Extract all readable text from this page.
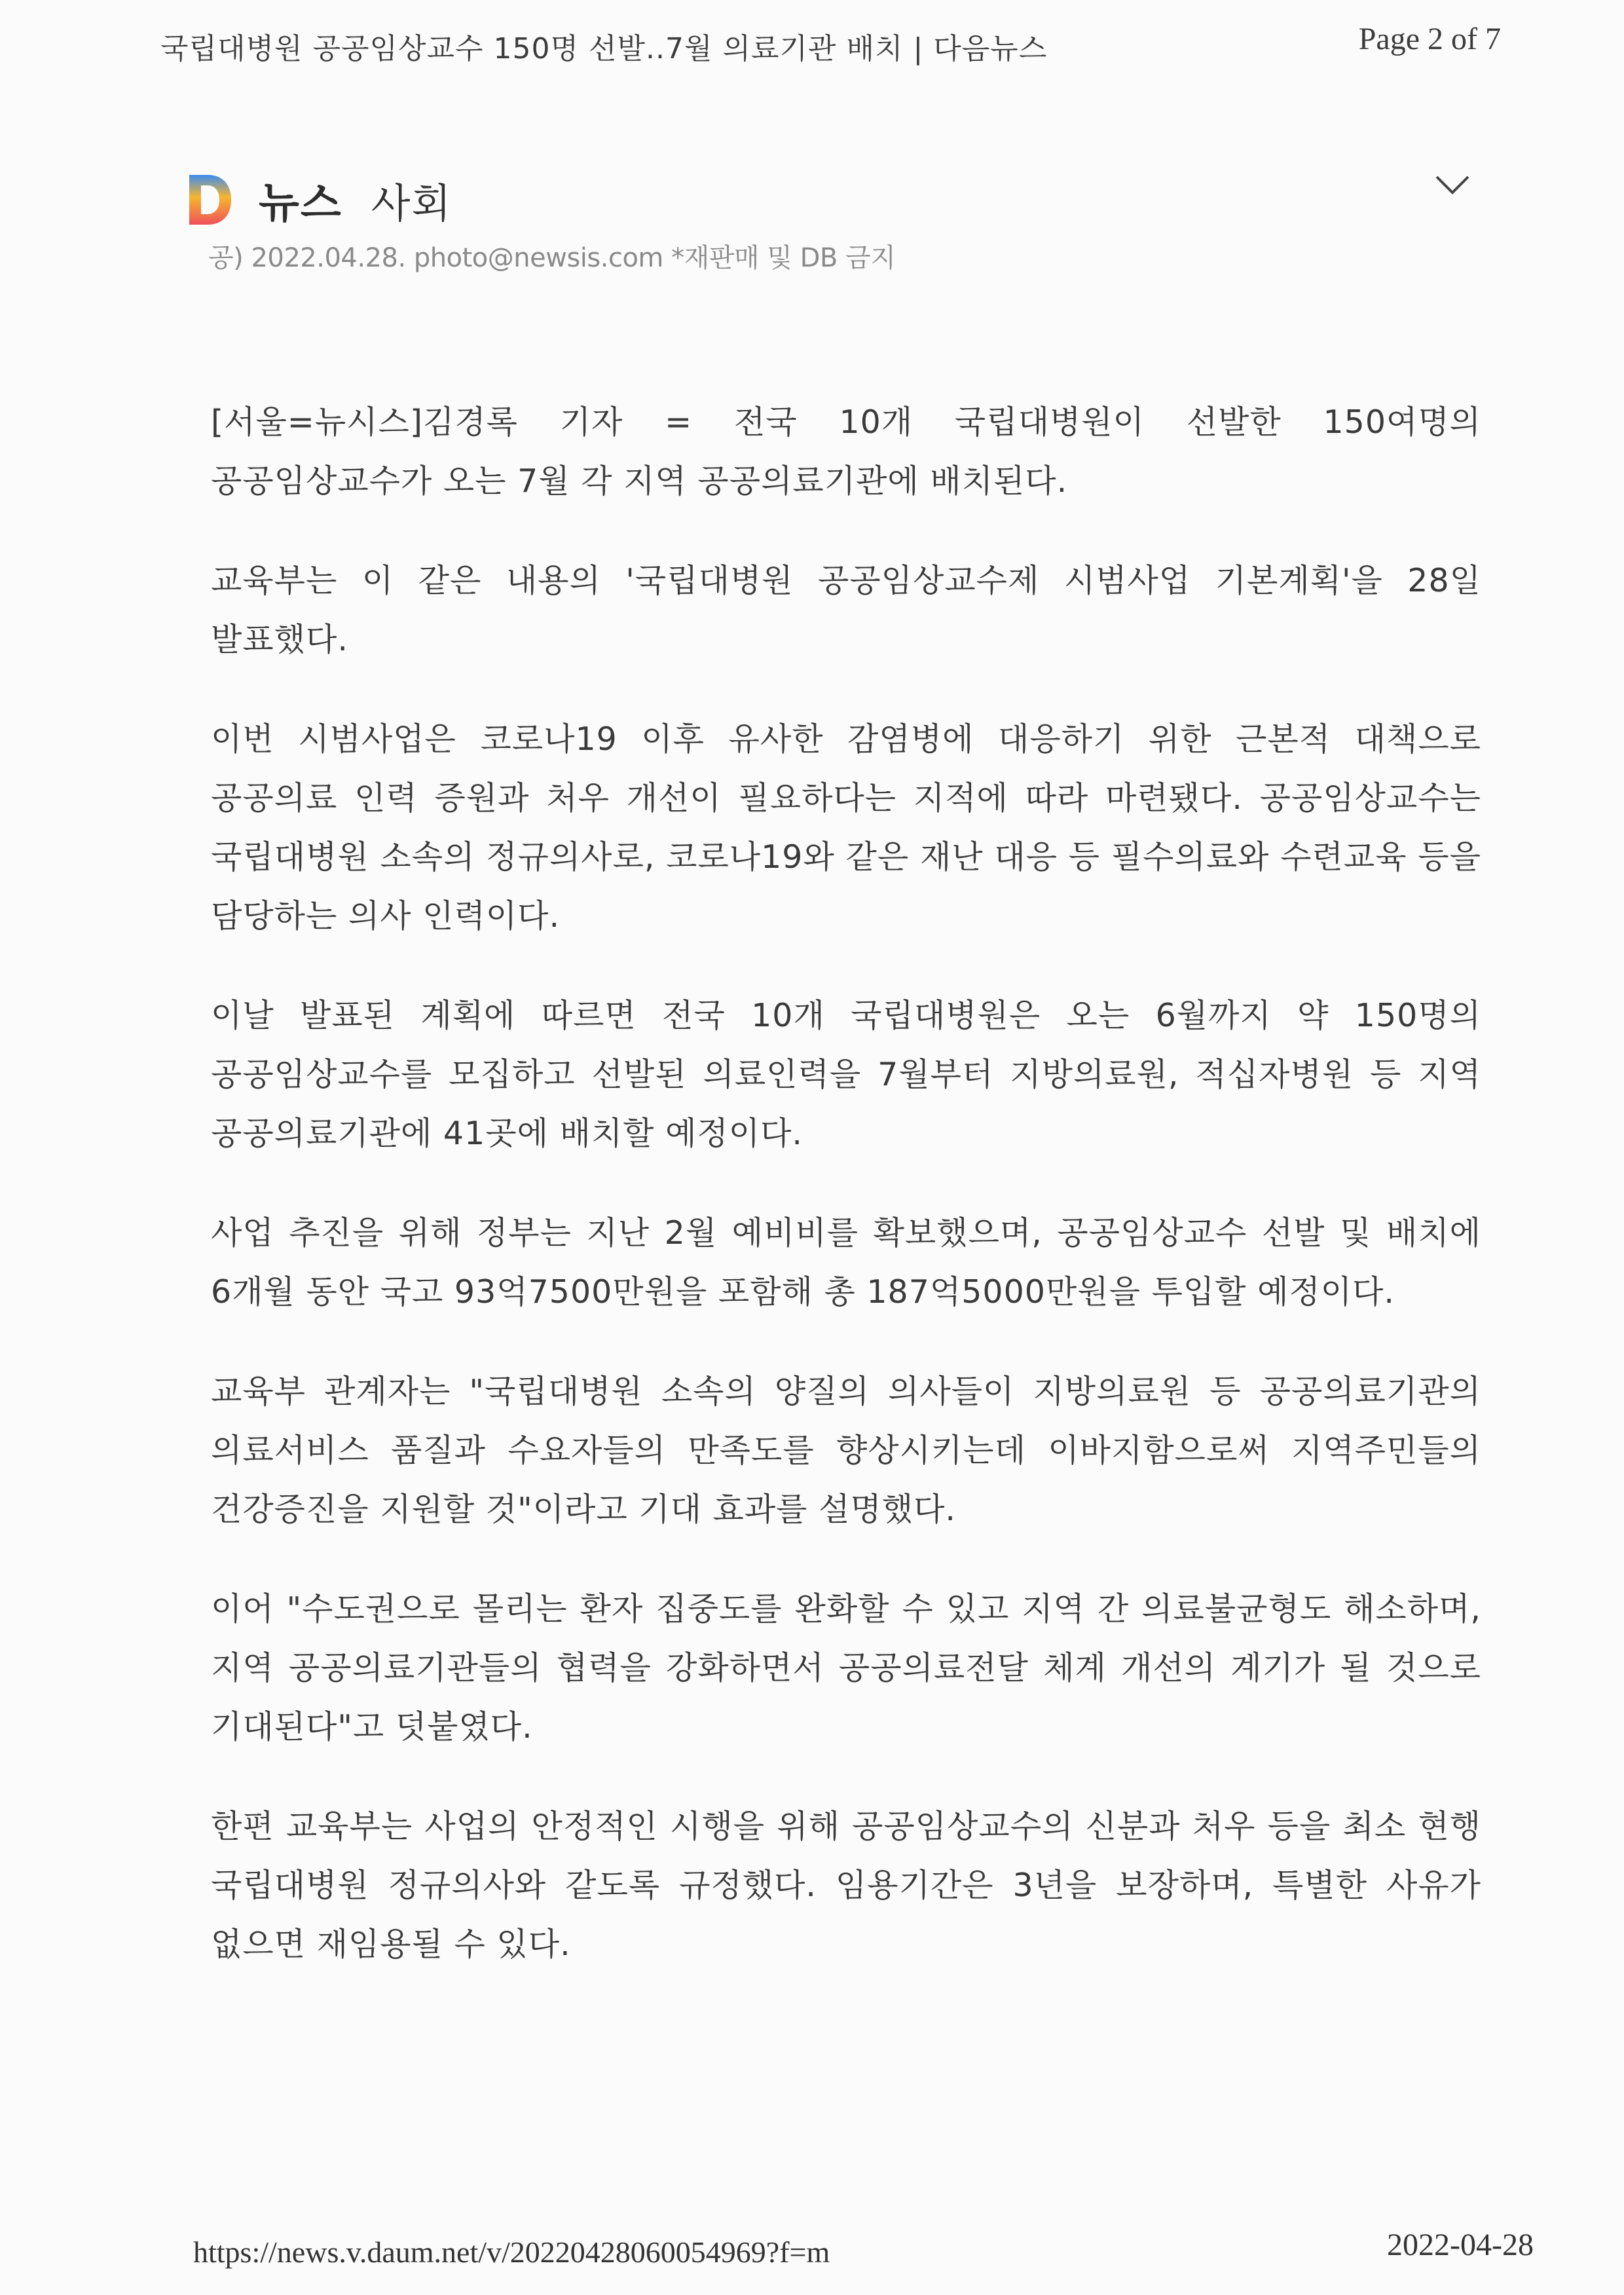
국립대병원 공공임상교수 150명 선발..7월 의료기관 배치 | 다음뉴스	Page 2 of 7
뉴스 사회
공) 2022.04.28. photo@newsis.com *재판매 및 DB 금지

[서울=뉴시스]김경록 기자 = 전국 10개 국립대병원이 선발한 150여명의 공공임상교수가 오는 7월 각 지역 공공의료기관에 배치된다.

교육부는 이 같은 내용의 '국립대병원 공공임상교수제 시범사업 기본계획'을 28일 발표했다.

이번 시범사업은 코로나19 이후 유사한 감염병에 대응하기 위한 근본적 대책으로 공공의료 인력 증원과 처우 개선이 필요하다는 지적에 따라 마련됐다. 공공임상교수는 국립대병원 소속의 정규의사로, 코로나19와 같은 재난 대응 등 필수의료와 수련교육 등을 담당하는 의사 인력이다.

이날 발표된 계획에 따르면 전국 10개 국립대병원은 오는 6월까지 약 150명의 공공임상교수를 모집하고 선발된 의료인력을 7월부터 지방의료원, 적십자병원 등 지역 공공의료기관에 41곳에 배치할 예정이다.

사업 추진을 위해 정부는 지난 2월 예비비를 확보했으며, 공공임상교수 선발 및 배치에 6개월 동안 국고 93억7500만원을 포함해 총 187억5000만원을 투입할 예정이다.

교육부 관계자는 "국립대병원 소속의 양질의 의사들이 지방의료원 등 공공의료기관의 의료서비스 품질과 수요자들의 만족도를 향상시키는데 이바지함으로써 지역주민들의 건강증진을 지원할 것"이라고 기대 효과를 설명했다.

이어 "수도권으로 몰리는 환자 집중도를 완화할 수 있고 지역 간 의료불균형도 해소하며, 지역 공공의료기관들의 협력을 강화하면서 공공의료전달 체계 개선의 계기가 될 것으로 기대된다"고 덧붙였다.

한편 교육부는 사업의 안정적인 시행을 위해 공공임상교수의 신분과 처우 등을 최소 현행 국립대병원 정규의사와 같도록 규정했다. 임용기간은 3년을 보장하며, 특별한 사유가 없으면 재임용될 수 있다.

https://news.v.daum.net/v/20220428060054969?f=m	2022-04-28
